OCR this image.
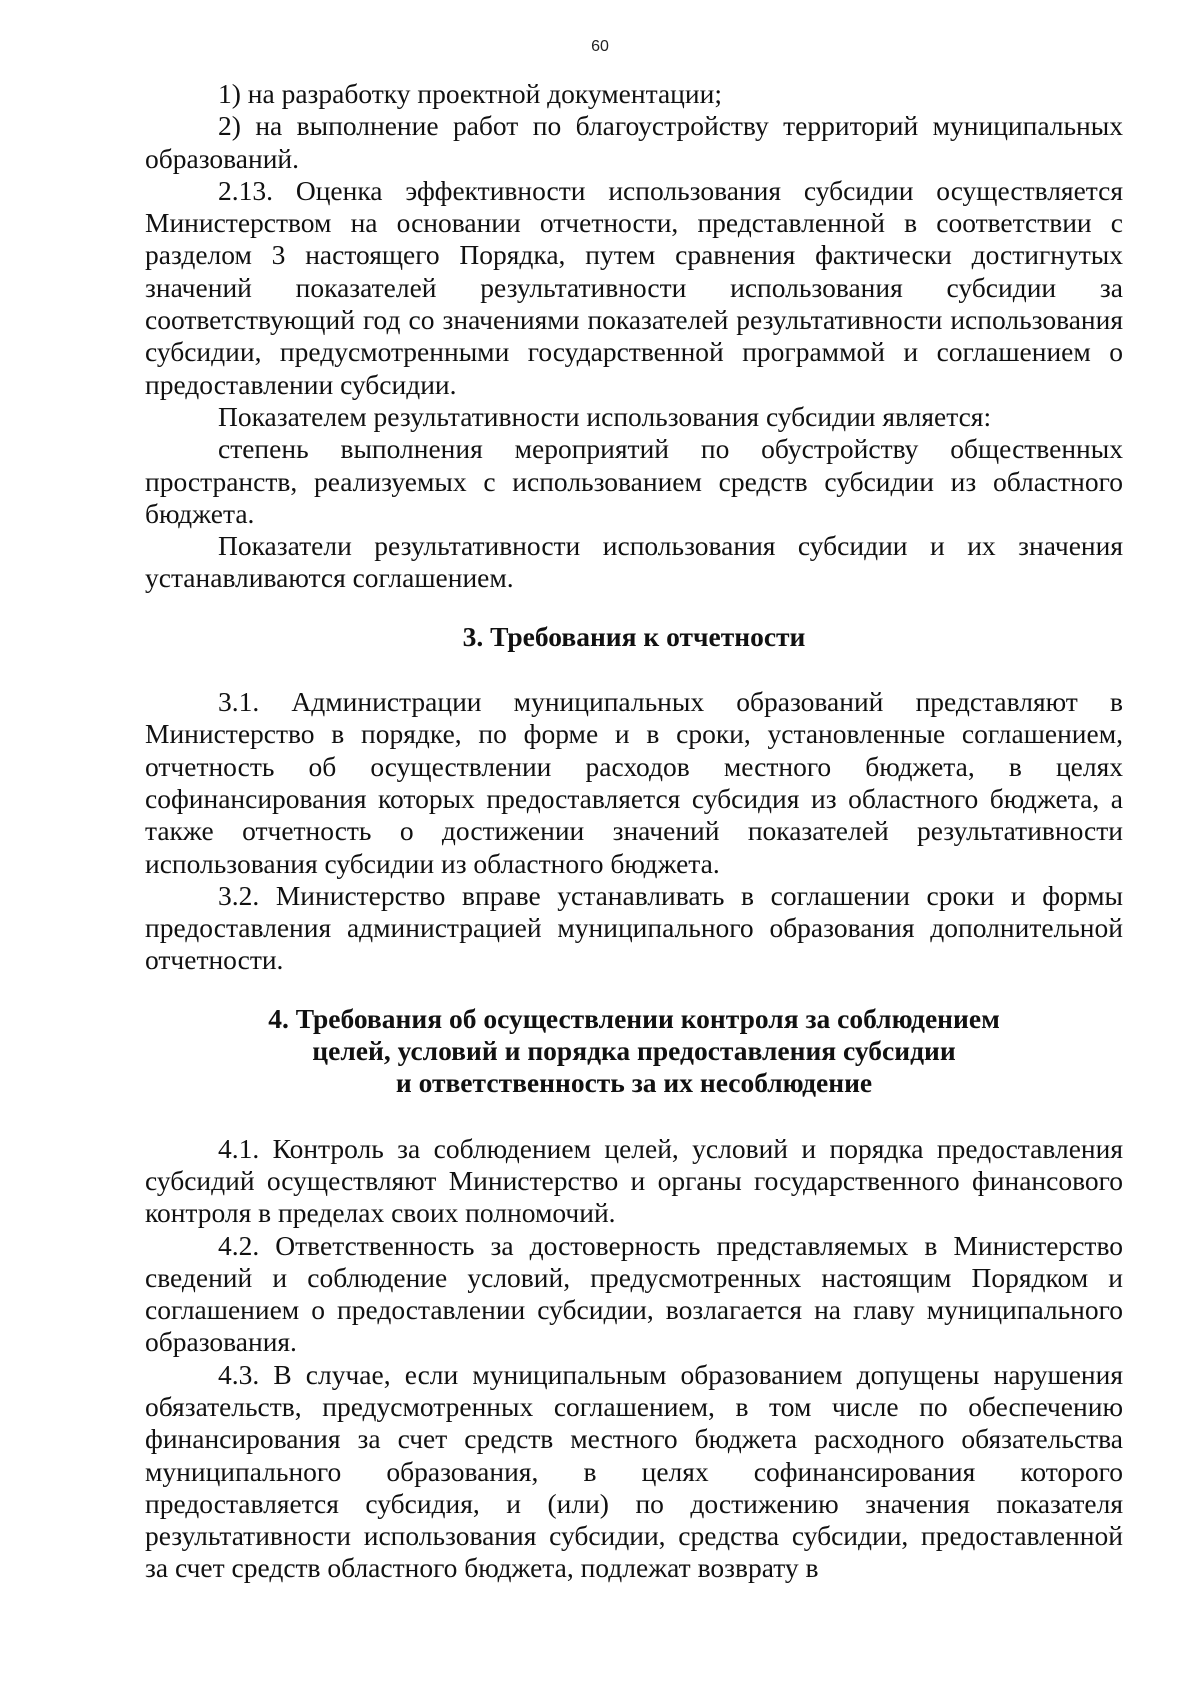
60

1) на разработку проектной документации;

2) на выполнение работ по благоустройству территорий муниципальных образований.

2.13. Оценка эффективности использования субсидии осуществляется Министерством на основании отчетности, представленной в соответствии с разделом 3 настоящего Порядка, путем сравнения фактически достигнутых значений показателей результативности использования субсидии за соответствующий год со значениями показателей результативности использования субсидии, предусмотренными государственной программой и соглашением о предоставлении субсидии.

Показателем результативности использования субсидии является:

степень выполнения мероприятий по обустройству общественных пространств, реализуемых с использованием средств субсидии из областного бюджета.

Показатели результативности использования субсидии и их значения устанавливаются соглашением.

3. Требования к отчетности

3.1. Администрации муниципальных образований представляют в Министерство в порядке, по форме и в сроки, установленные соглашением, отчетность об осуществлении расходов местного бюджета, в целях софинансирования которых предоставляется субсидия из областного бюджета, а также отчетность о достижении значений показателей результативности использования субсидии из областного бюджета.

3.2. Министерство вправе устанавливать в соглашении сроки и формы предоставления администрацией муниципального образования дополнительной отчетности.

4. Требования об осуществлении контроля за соблюдением
целей, условий и порядка предоставления субсидии
и ответственность за их несоблюдение

4.1. Контроль за соблюдением целей, условий и порядка предоставления субсидий осуществляют Министерство и органы государственного финансового контроля в пределах своих полномочий.

4.2. Ответственность за достоверность представляемых в Министерство сведений и соблюдение условий, предусмотренных настоящим Порядком и соглашением о предоставлении субсидии, возлагается на главу муниципального образования.

4.3. В случае, если муниципальным образованием допущены нарушения обязательств, предусмотренных соглашением, в том числе по обеспечению финансирования за счет средств местного бюджета расходного обязательства муниципального образования, в целях софинансирования которого предоставляется субсидия, и (или) по достижению значения показателя результативности использования субсидии, средства субсидии, предоставленной за счет средств областного бюджета, подлежат возврату в
